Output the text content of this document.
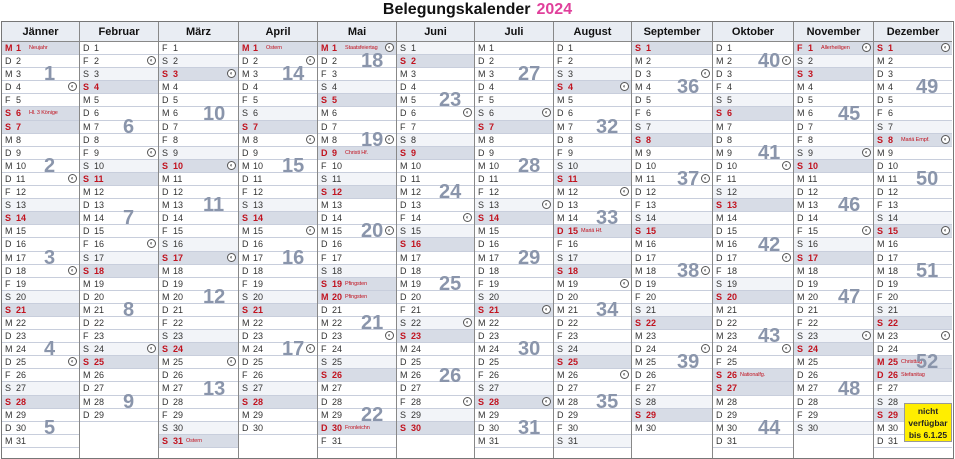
Belegungskalender 2024
Jänner
M 1 $^{Neujahr}$
D 2
M 3
D 4	◐
F 5
S 6 $^{Hl. 3 Könige}$
S 7
M 8
D 9
M 10
D 11	◐
F 12
S 13
S 14
M 15
D 16
M 17
D 18	◐
F 19
S 20
S 21
M 22
D 23
M 24
D 25	◐
F 26
S 27
S 28
M 29
D 30
M 31
1
2
3
4
5
Februar
D 1
F 2	◐
S 3
S 4
M 5
D 6
M 7
D 8
F 9	◐
S 10
S 11
M 12
D 13
M 14
D 15
F 16	◐
S 17
S 18
M 19
D 20
M 21
D 22
F 23
S 24	◐
S 25
M 26
D 27
M 28
D 29
6
7
8
9
März
F 1
S 2
S 3	◐
M 4
D 5
M 6
D 7
F 8
S 9
S 10	◐
M 11
D 12
M 13
D 14
F 15
S 16
S 17	◐
M 18
D 19
M 20
D 21
F 22
S 23
S 24
M 25	◐
D 26
M 27
D 28
F 29
S 30
S 31 $^{Ostern}$
10
11
12
13
April
M 1 $^{Ostern}$
D 2	◐
M 3
D 4
F 5
S 6
S 7
M 8	◐
D 9
M 10
D 11
F 12
S 13
S 14
M 15	◐
D 16
M 17
D 18
F 19
S 20
S 21
M 22
D 23
M 24	◐
D 25
F 26
S 27
S 28
M 29
D 30
14
15
16
17
Mai
M 1 $^{Staatsfeiertag}$	◐
D 2
F 3
S 4
S 5
M 6
D 7
M 8	◐
D 9 $^{Christi Hf.}$
F 10
S 11
S 12
M 13
D 14
M 15	◐
D 16
F 17
S 18
S 19 $^{Pfingsten}$
M 20 $^{Pfingsten}$
D 21
M 22
D 23	◐
F 24
S 25
S 26
M 27
D 28
M 29
D 30 $^{Fronleichn}$
F 31
18
19
20
21
22
Juni
S 1
S 2
M 3
D 4
M 5
D 6	◐
F 7
S 8
S 9
M 10
D 11
M 12
D 13
F 14	◐
S 15
S 16
M 17
D 18
M 19
D 20
F 21
S 22	◐
S 23
M 24
D 25
M 26
D 27
F 28	◐
S 29
S 30
23
24
25
26
Juli
M 1
D 2
M 3
D 4
F 5
S 6	◐
S 7
M 8
D 9
M 10
D 11
F 12
S 13	◐
S 14
M 15
D 16
M 17
D 18
F 19
S 20
S 21	◐
M 22
D 23
M 24
D 25
F 26
S 27
S 28	◐
M 29
D 30
M 31
27
28
29
30
31
August
D 1
F 2
S 3
S 4	◐
M 5
D 6
M 7
D 8
F 9
S 10
S 11
M 12	◐
D 13
M 14
D 15 $^{Mariä Hf.}$
F 16
S 17
S 18
M 19	◐
D 20
M 21
D 22
F 23
S 24
S 25
M 26	◐
D 27
M 28
D 29
F 30
S 31
32
33
34
35
September
S 1
M 2
D 3	◐
M 4
D 5
F 6
S 7
S 8
M 9
D 10
M 11	◐
D 12
F 13
S 14
S 15
M 16
D 17
M 18	◐
D 19
F 20
S 21
S 22
M 23
D 24	◐
M 25
D 26
F 27
S 28
S 29
M 30
36
37
38
39
Oktober
D 1
M 2	◐
D 3
F 4
S 5
S 6
M 7
D 8
M 9
D 10	◐
F 11
S 12
S 13
M 14
D 15
M 16
D 17	◐
F 18
S 19
S 20
M 21
D 22
M 23
D 24	◐
F 25
S 26 $^{Nationalfg.}$
S 27
M 28
D 29
M 30
D 31
40
41
42
43
44
November
F 1 $^{Allerheiligen}$	◐
S 2
S 3
M 4
D 5
M 6
D 7
F 8
S 9	◐
S 10
M 11
D 12
M 13
D 14
F 15	◐
S 16
S 17
M 18
D 19
M 20
D 21
F 22
S 23	◐
S 24
M 25
D 26
M 27
D 28
F 29
S 30
45
46
47
48
Dezember
S 1	◐
M 2
D 3
M 4
D 5
F 6
S 7
S 8 $^{Mariä Empf.}$	◐
M 9
D 10
M 11
D 12
F 13
S 14
S 15	◐
M 16
D 17
M 18
D 19
F 20
S 21
S 22
M 23	◐
D 24
M 25 $^{Christtag}$
D 26 $^{Stefanitag}$
F 27
S 28
S 29
M 30
D 31
49
50
51
52
nicht
verfügbar
bis 6.1.25
